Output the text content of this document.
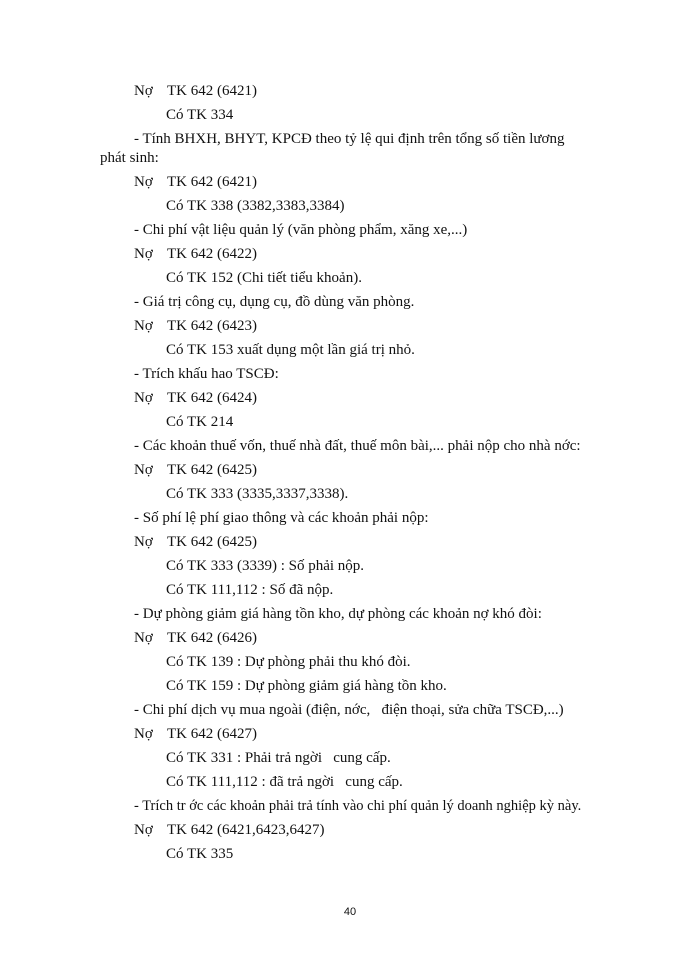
Nợ TK 642 (6421)
Có TK 334
- Tính BHXH, BHYT, KPCĐ theo tỷ lệ qui định trên tổng số tiền lương
phát sinh:
Nợ TK 642 (6421)
Có TK 338 (3382,3383,3384)
- Chi phí vật liệu quản lý (văn phòng phẩm, xăng xe,...)
Nợ TK 642 (6422)
Có TK 152 (Chi tiết tiểu khoản).
- Giá trị công cụ, dụng cụ, đồ dùng văn phòng.
Nợ TK 642 (6423)
Có TK 153 xuất dụng một lần giá trị nhỏ.
- Trích khấu hao TSCĐ:
Nợ TK 642 (6424)
Có TK 214
- Các khoản thuế vốn, thuế nhà đất, thuế môn bài,... phải nộp cho nhà nớc:
Nợ TK 642 (6425)
Có TK 333 (3335,3337,3338).
- Số phí lệ phí giao thông và các khoản phải nộp:
Nợ TK 642 (6425)
Có TK 333 (3339) : Số phải nộp.
Có TK 111,112 : Số đã nộp.
- Dự phòng giảm giá hàng tồn kho, dự phòng các khoản nợ khó đòi:
Nợ TK 642 (6426)
Có TK 139 : Dự phòng phải thu khó đòi.
Có TK 159 : Dự phòng giảm giá hàng tồn kho.
- Chi phí dịch vụ mua ngoài (điện, nớc,   điện thoại, sửa chữa TSCĐ,...)
Nợ TK 642 (6427)
Có TK 331 : Phải trả ngời   cung cấp.
Có TK 111,112 : đã trả ngời   cung cấp.
- Trích tr ớc các khoản phải trả tính vào chi phí quản lý doanh nghiệp kỳ này.
Nợ TK 642 (6421,6423,6427)
Có TK 335
40
